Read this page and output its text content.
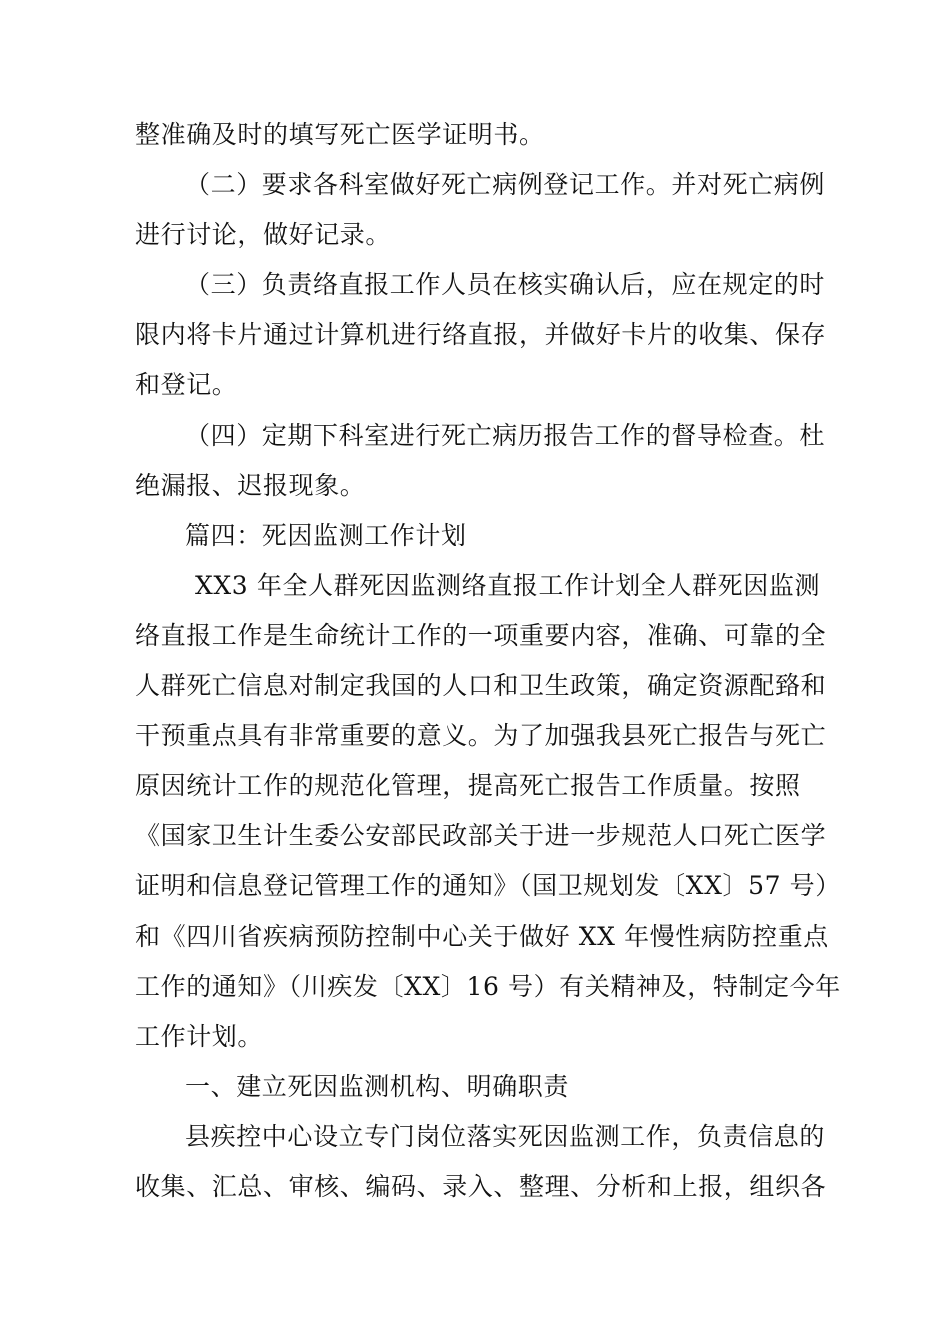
整准确及时的填写死亡医学证明书。
（二）要求各科室做好死亡病例登记工作。并对死亡病例
进行讨论，做好记录。
（三）负责络直报工作人员在核实确认后，应在规定的时
限内将卡片通过计算机进行络直报，并做好卡片的收集、保存
和登记。
（四）定期下科室进行死亡病历报告工作的督导检查。杜
绝漏报、迟报现象。
篇四：死因监测工作计划
XX3 年全人群死因监测络直报工作计划全人群死因监测
络直报工作是生命统计工作的一项重要内容，准确、可靠的全
人群死亡信息对制定我国的人口和卫生政策，确定资源配臵和
干预重点具有非常重要的意义。为了加强我县死亡报告与死亡
原因统计工作的规范化管理，提高死亡报告工作质量。按照
《国家卫生计生委公安部民政部关于进一步规范人口死亡医学
证明和信息登记管理工作的通知》（国卫规划发〔XX〕57 号）
和《四川省疾病预防控制中心关于做好 XX 年慢性病防控重点
工作的通知》（川疾发〔XX〕16 号）有关精神及，特制定今年
工作计划。
一、建立死因监测机构、明确职责
县疾控中心设立专门岗位落实死因监测工作，负责信息的
收集、汇总、审核、编码、录入、整理、分析和上报，组织各
